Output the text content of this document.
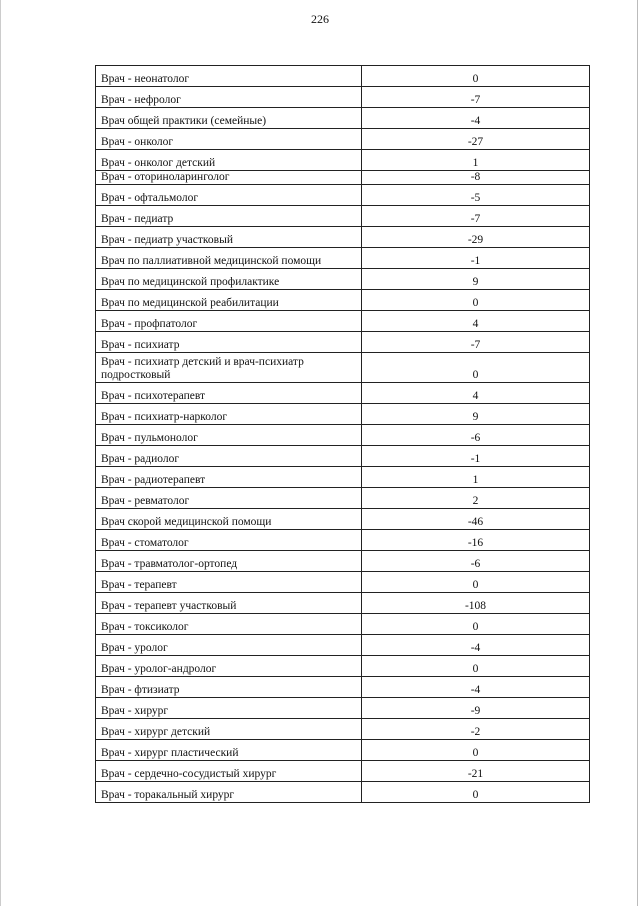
226
Врач - неонатолог	0
Врач - нефролог	-7
Врач общей практики (семейные)	-4
Врач - онколог	-27
Врач - онколог детский	1
Врач - оториноларинголог	-8
Врач - офтальмолог	-5
Врач - педиатр	-7
Врач - педиатр участковый	-29
Врач по паллиативной медицинской помощи	-1
Врач по медицинской профилактике	9
Врач по медицинской реабилитации	0
Врач - профпатолог	4
Врач - психиатр	-7
Врач - психиатр детский и врач-психиатр подростковый	0
Врач - психотерапевт	4
Врач - психиатр-нарколог	9
Врач - пульмонолог	-6
Врач - радиолог	-1
Врач - радиотерапевт	1
Врач - ревматолог	2
Врач скорой медицинской помощи	-46
Врач - стоматолог	-16
Врач - травматолог-ортопед	-6
Врач - терапевт	0
Врач - терапевт участковый	-108
Врач - токсиколог	0
Врач - уролог	-4
Врач - уролог-андролог	0
Врач - фтизиатр	-4
Врач - хирург	-9
Врач - хирург детский	-2
Врач - хирург пластический	0
Врач - сердечно-сосудистый хирург	-21
Врач - торакальный хирург	0
